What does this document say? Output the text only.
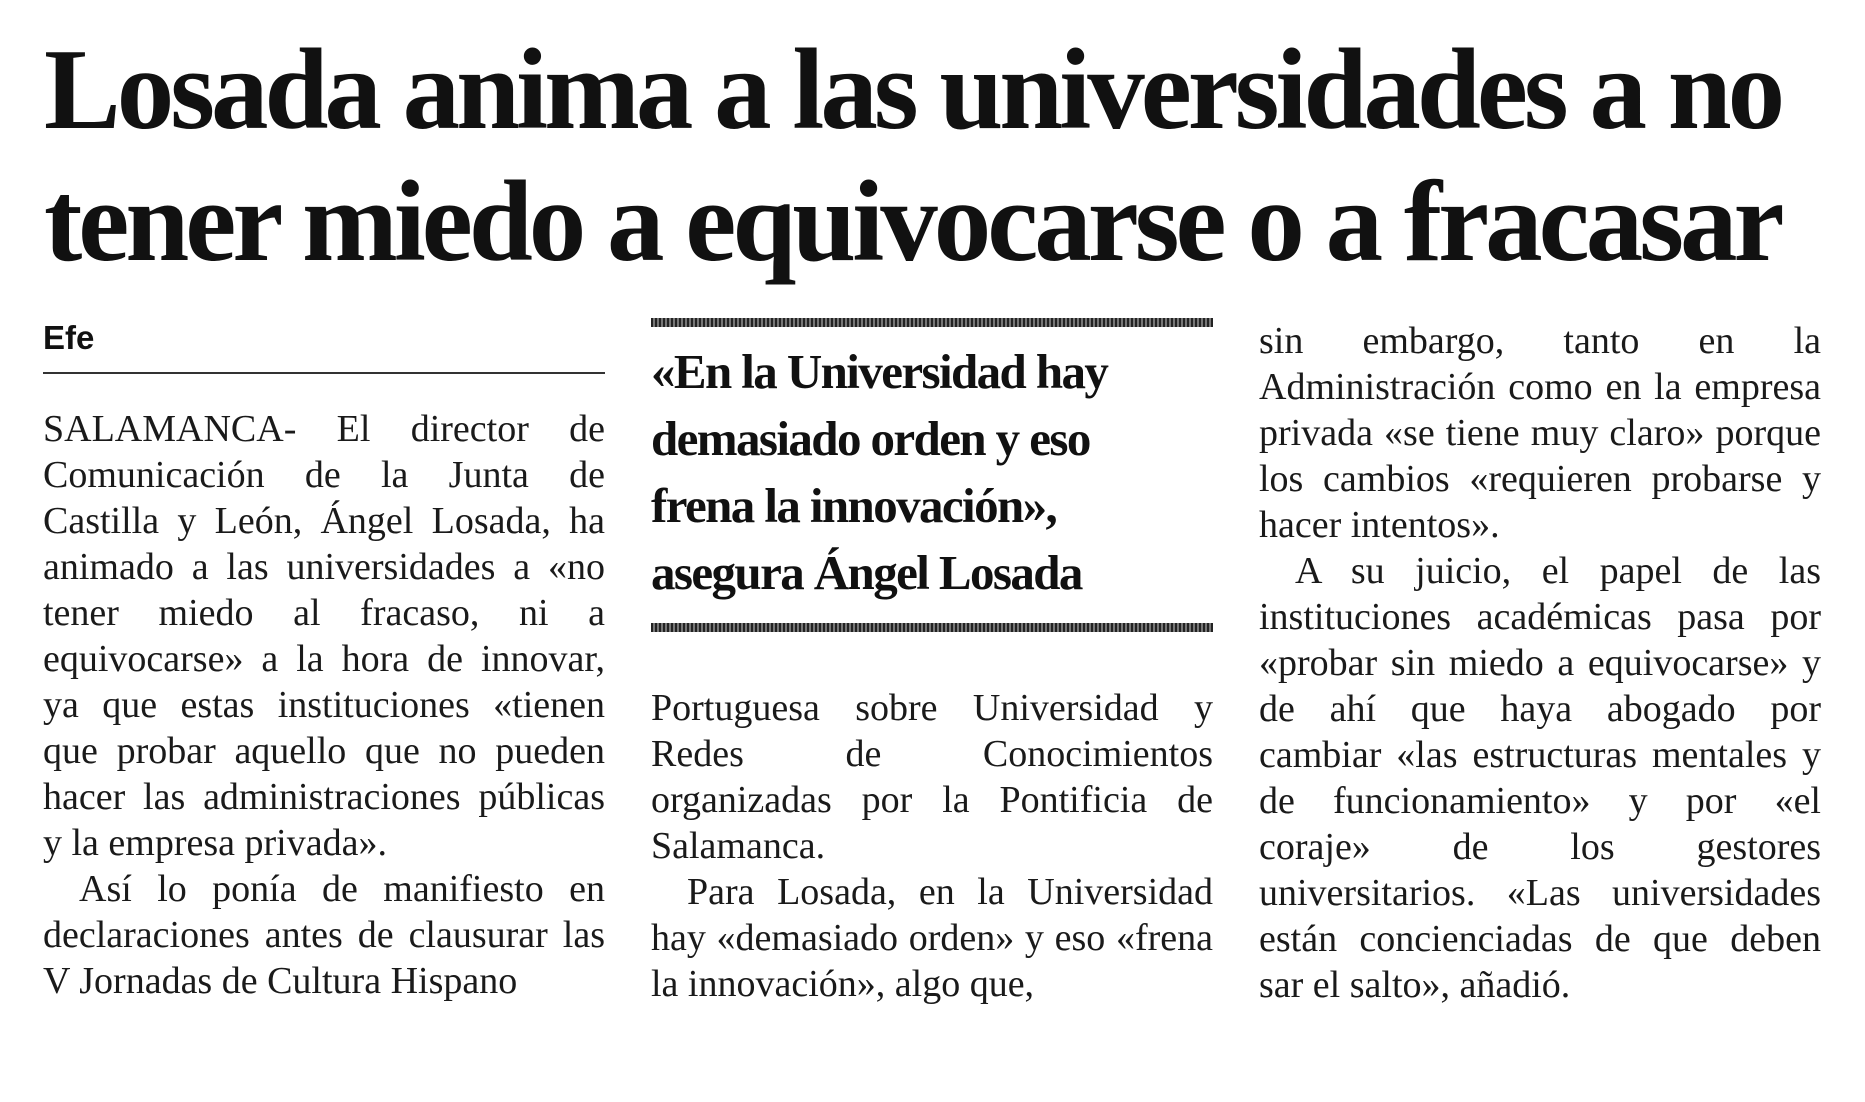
Losada anima a las universidades a no
tener miedo a equivocarse o a fracasar
Efe

SALAMANCA- El director de Comunicación de la Junta de Castilla y León, Ángel Losada, ha animado a las universidades a «no tener miedo al fracaso, ni a equivocarse» a la hora de innovar, ya que estas instituciones «tienen que probar aquello que no pueden hacer las administraciones públicas y la empresa privada».

Así lo ponía de manifiesto en declaraciones antes de clausurar las V Jornadas de Cultura Hispano

«En la Universidad hay
demasiado orden y eso
frena la innovación»,
asegura Ángel Losada

Portuguesa sobre Universidad y Redes de Conocimientos organizadas por la Pontificia de Salamanca.

Para Losada, en la Universidad hay «demasiado orden» y eso «frena la innovación», algo que,

sin embargo, tanto en la Administración como en la empresa privada «se tiene muy claro» porque los cambios «requieren probarse y hacer intentos».

A su juicio, el papel de las instituciones académicas pasa por «probar sin miedo a equivocarse» y de ahí que haya abogado por cambiar «las estructuras mentales y de funcionamiento» y por «el coraje» de los gestores universitarios. «Las universidades están concienciadas de que deben sar el salto», añadió.
